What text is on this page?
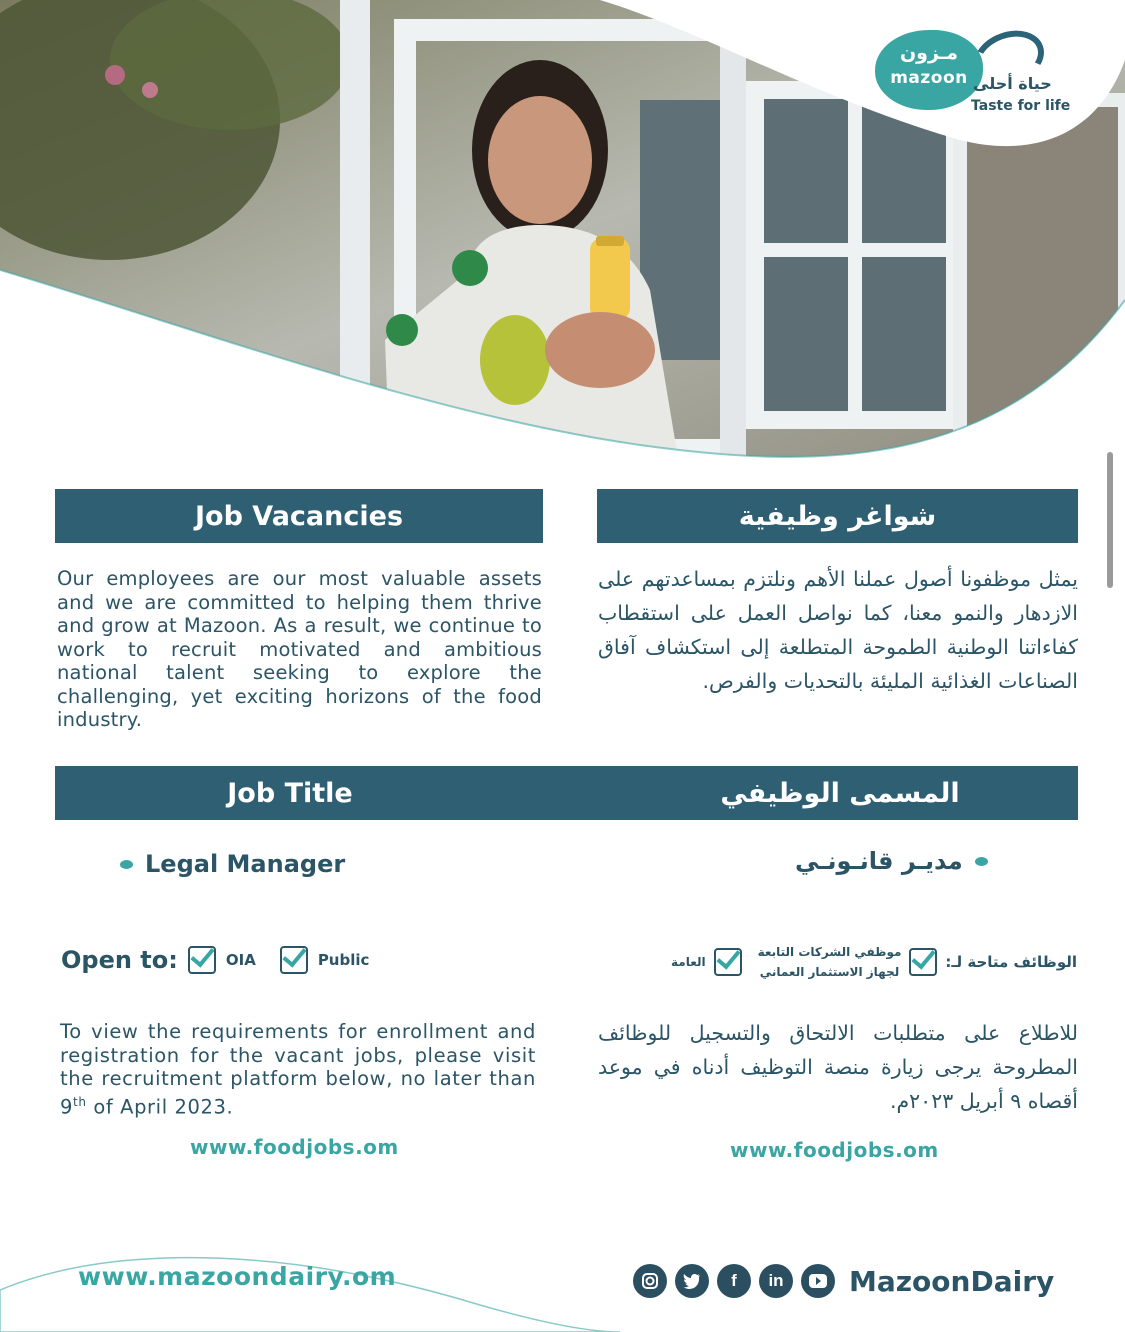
مـزون
mazoon حياة أحلى
Taste for life
Job Vacancies	شواغر وظيفية
Our employees are our most valuable assets and we are committed to helping them thrive and grow at Mazoon. As a result, we continue to work to recruit motivated and ambitious national talent seeking to explore the challenging, yet exciting horizons of the food industry.
يمثل موظفونا أصول عملنا الأهم ونلتزم بمساعدتهم على الازدهار والنمو معنا، كما نواصل العمل على استقطاب كفاءاتنا الوطنية الطموحة المتطلعة إلى استكشاف آفاق الصناعات الغذائية المليئة بالتحديات والفرص.
Job Title	المسمى الوظيفي
Legal Manager	مديـر قانـونـي
Open to:	OIA	Public	الوظائف متاحة لـ:
موظفي الشركات التابعة
لجهاز الاستثمار العماني
العامة
To view the requirements for enrollment and registration for the vacant jobs, please visit the recruitment platform below, no later than 9th of April 2023.
للاطلاع على متطلبات الالتحاق والتسجيل للوظائف المطروحة يرجى زيارة منصة التوظيف أدناه في موعد أقصاه ٩ أبريل ٢٠٢٣م.
www.foodjobs.om	www.foodjobs.om
www.mazoondairy.om	f	in	MazoonDairy
